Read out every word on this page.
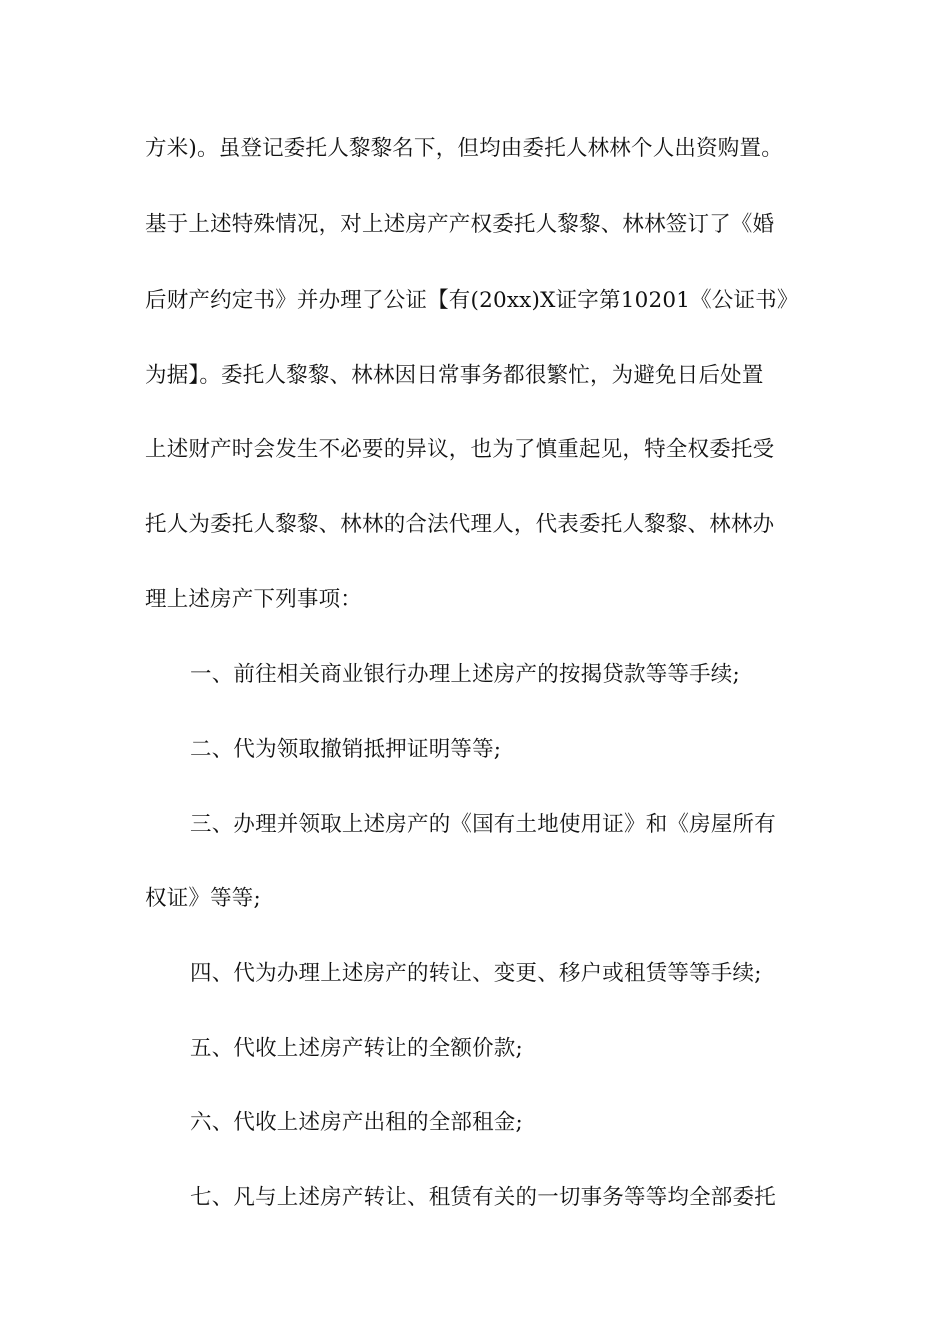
方米)。虽登记委托人黎黎名下，但均由委托人林林个人出资购置。
基于上述特殊情况，对上述房产产权委托人黎黎、林林签订了《婚
后财产约定书》并办理了公证【有(20xx)X证字第10201《公证书》
为据】。委托人黎黎、林林因日常事务都很繁忙，为避免日后处置
上述财产时会发生不必要的异议，也为了慎重起见，特全权委托受
托人为委托人黎黎、林林的合法代理人，代表委托人黎黎、林林办
理上述房产下列事项：
一、前往相关商业银行办理上述房产的按揭贷款等等手续;
二、代为领取撤销抵押证明等等;
三、办理并领取上述房产的《国有土地使用证》和《房屋所有
权证》等等;
四、代为办理上述房产的转让、变更、移户或租赁等等手续;
五、代收上述房产转让的全额价款;
六、代收上述房产出租的全部租金;
七、凡与上述房产转让、租赁有关的一切事务等等均全部委托
